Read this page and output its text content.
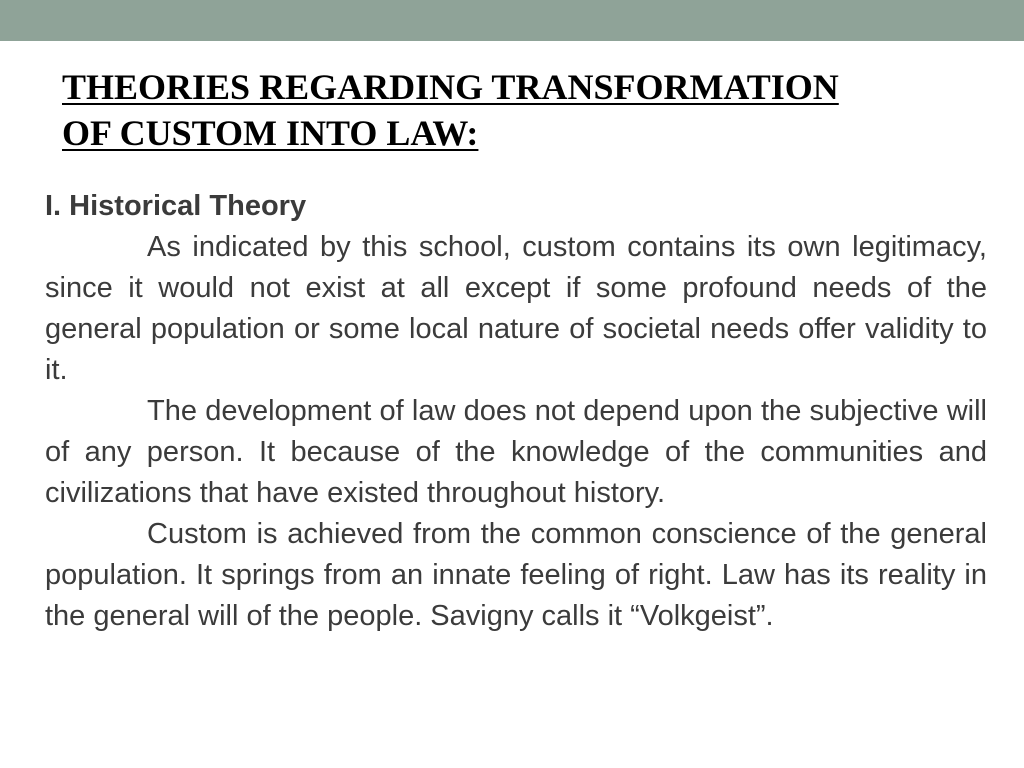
THEORIES REGARDING TRANSFORMATION
OF CUSTOM INTO LAW:

I. Historical Theory

As indicated by this school, custom contains its own legitimacy, since it would not exist at all except if some profound needs of the general population or some local nature of societal needs offer validity to it.

The development of law does not depend upon the subjective will of any person. It because of the knowledge of the communities and civilizations that have existed throughout history.

Custom is achieved from the common conscience of the general population. It springs from an innate feeling of right. Law has its reality in the general will of the people. Savigny calls it “Volkgeist”.
